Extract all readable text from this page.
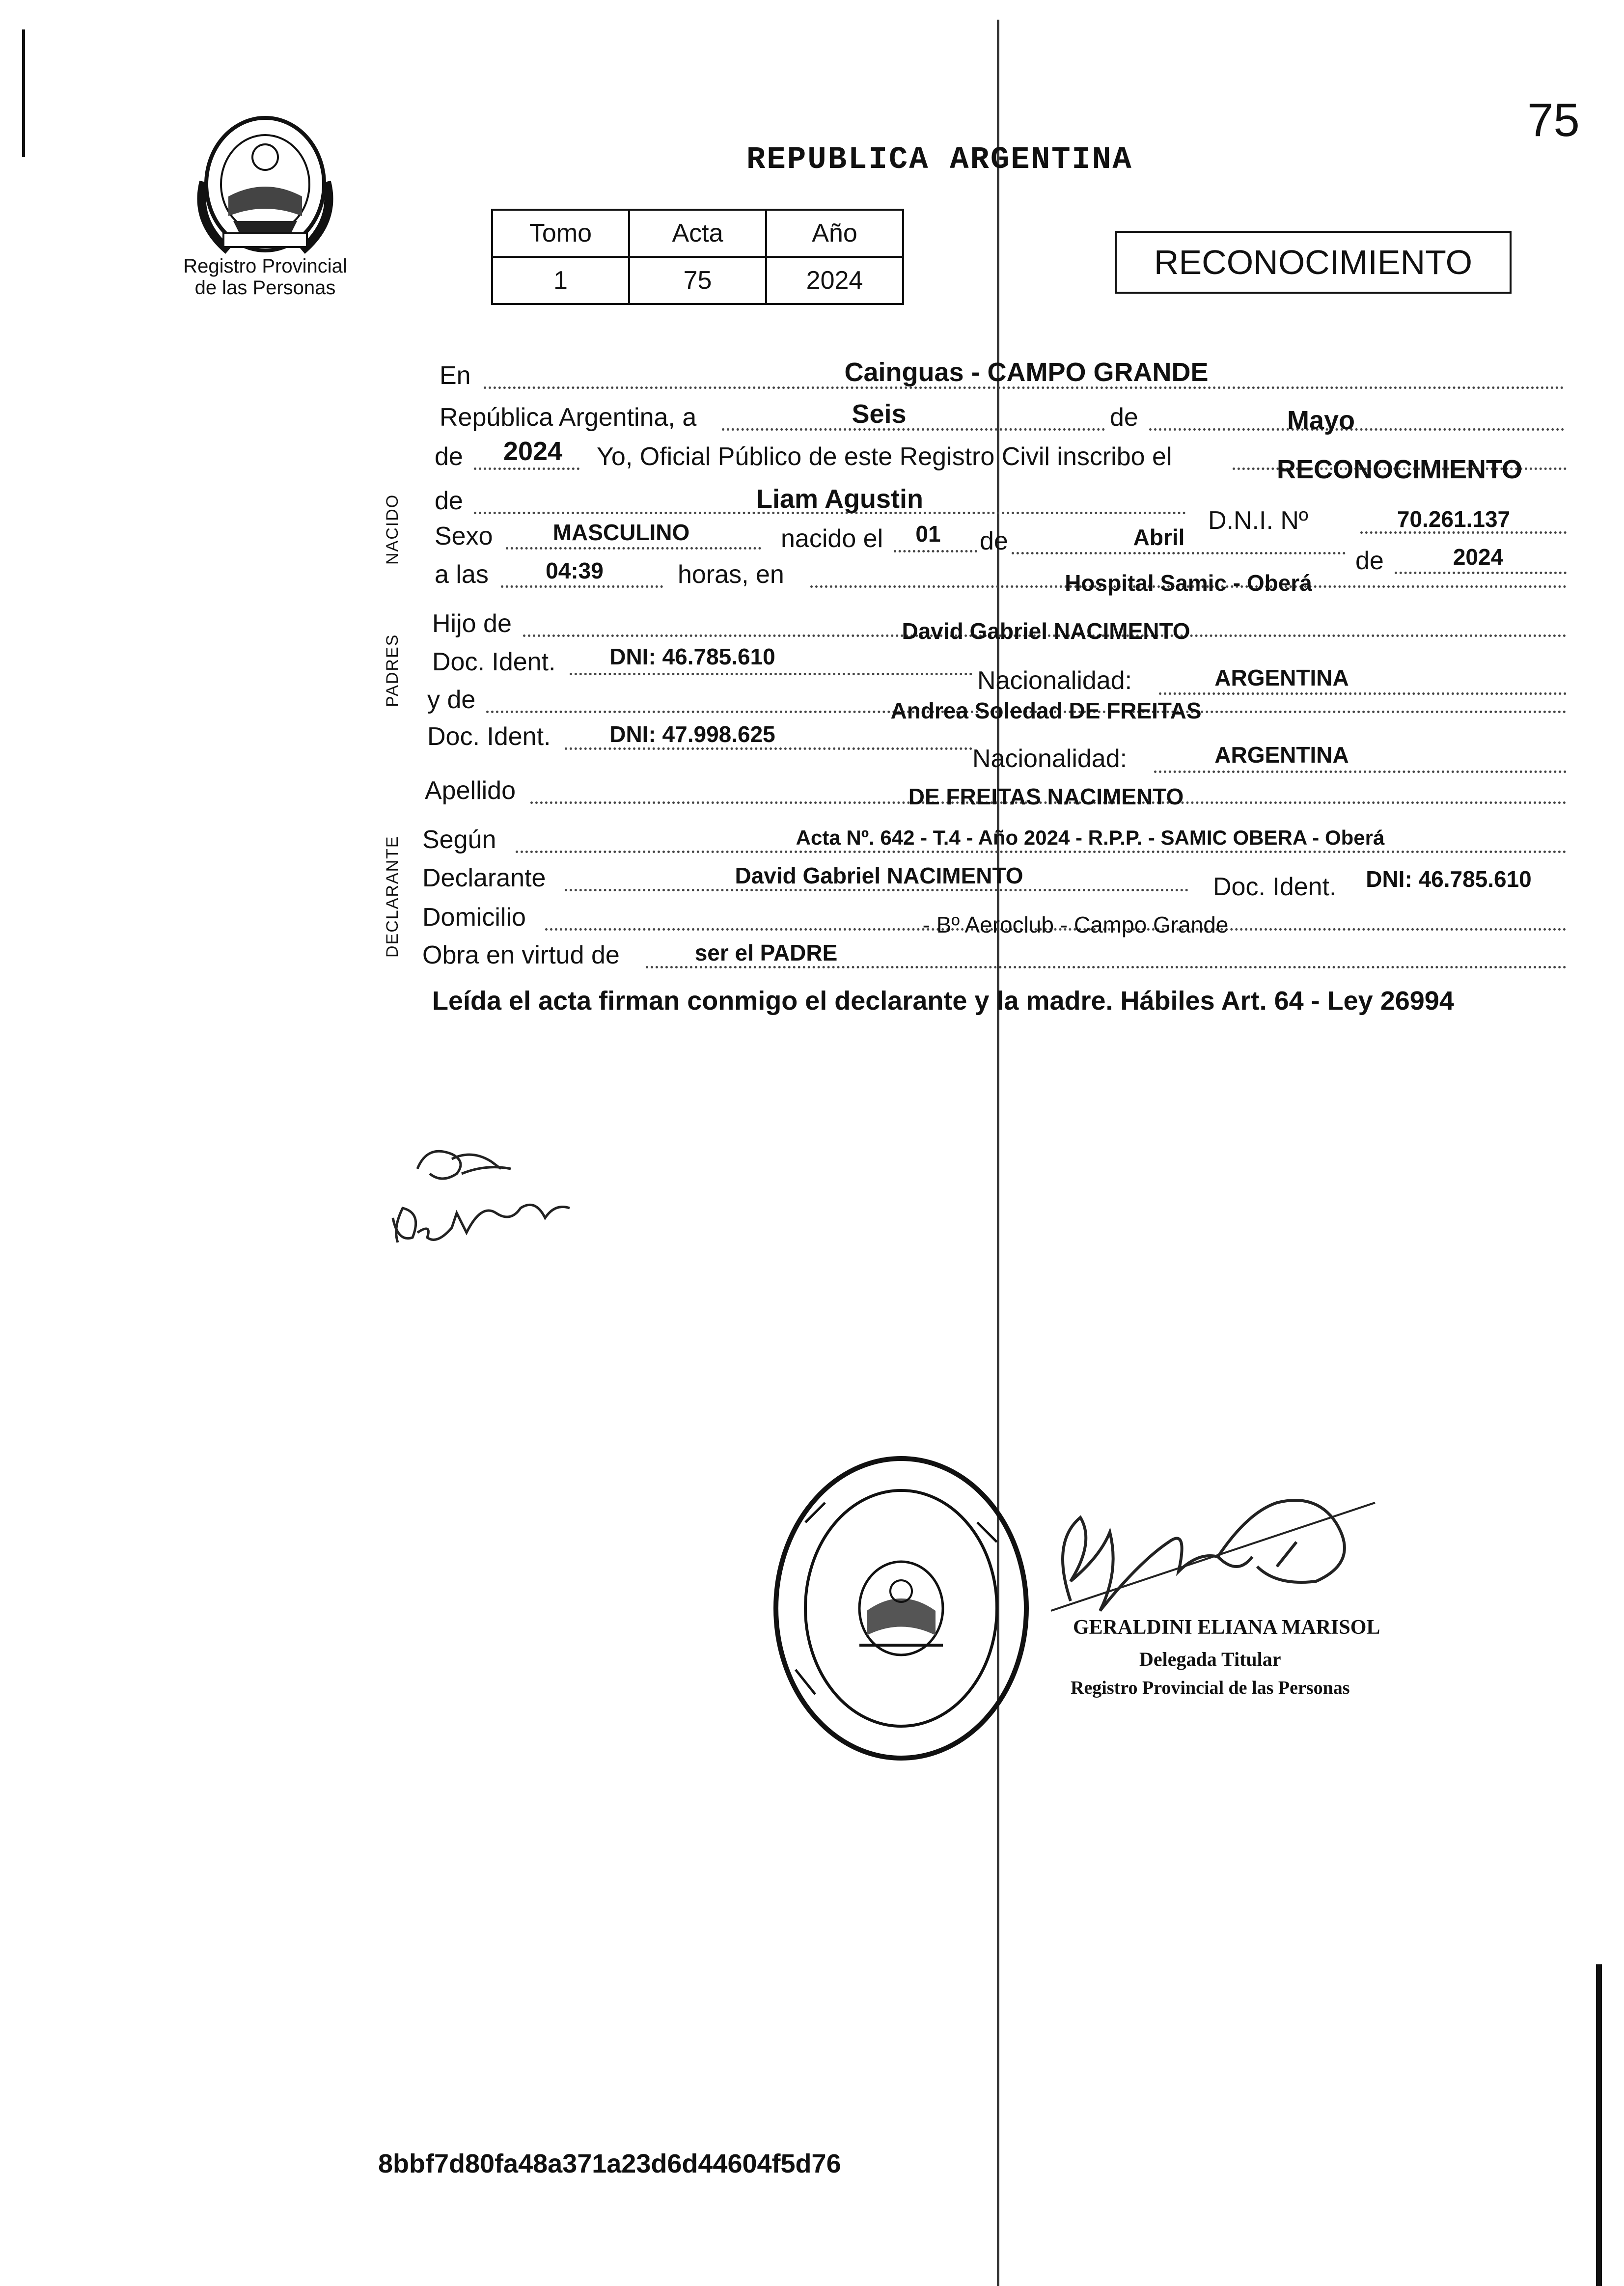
75
Registro Provincial
de las Personas
REPUBLICA ARGENTINA
Tomo	Acta	Año
1	75	2024	RECONOCIMIENTO
NACIDO
PADRES
DECLARANTE
En	Cainguas - CAMPO GRANDE
República Argentina, a	Seis	de	Mayo
de 2024 Yo, Oficial Público de este Registro Civil inscribo el	RECONOCIMIENTO
de	Liam Agustin
D.N.I. Nº	70.261.137
Sexo	MASCULINO	nacido el 01 de	Abril
de	2024
a las	04:39	horas, en	Hospital Samic - Oberá
Hijo de	David Gabriel NACIMENTO
Doc. Ident. DNI: 46.785.610
Nacionalidad:	ARGENTINA
y de	Andrea Soledad DE FREITAS
Doc. Ident.	DNI: 47.998.625
Nacionalidad:	ARGENTINA
Apellido	DE FREITAS NACIMENTO
Según	Acta Nº. 642 - T.4 - Año 2024 - R.P.P. - SAMIC OBERA - Oberá
Declarante	David Gabriel NACIMENTO	Doc. Ident. DNI: 46.785.610
Domicilio	- Bº Aeroclub - Campo Grande
Obra en virtud de	ser el PADRE
Leída el acta firman conmigo el declarante y la madre. Hábiles Art. 64 - Ley 26994
GERALDINI ELIANA MARISOL
Delegada Titular
Registro Provincial de las Personas
8bbf7d80fa48a371a23d6d44604f5d76
